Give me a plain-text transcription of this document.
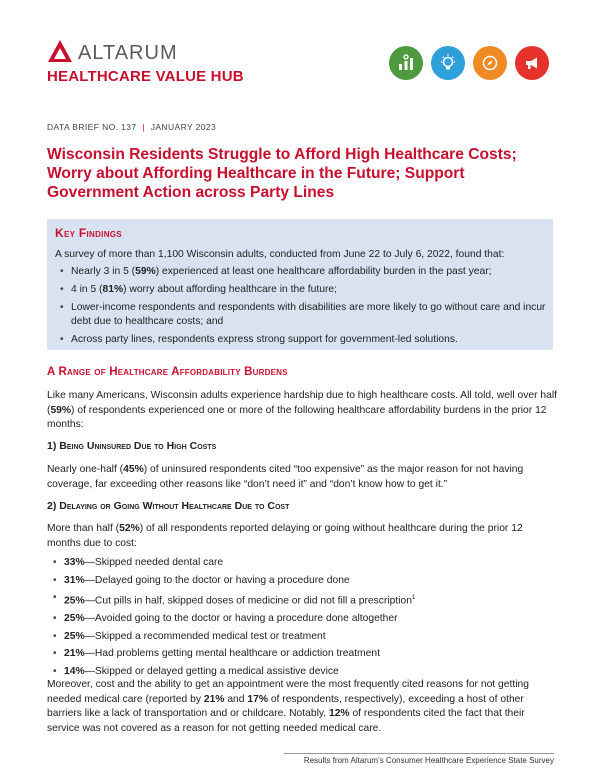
ALTARUM
HEALTHCARE VALUE HUB
DATA BRIEF NO. 137 | JANUARY 2023
Wisconsin Residents Struggle to Afford High Healthcare Costs; Worry about Affording Healthcare in the Future; Support Government Action across Party Lines
Key Findings
A survey of more than 1,100 Wisconsin adults, conducted from June 22 to July 6, 2022, found that:
• Nearly 3 in 5 (59%) experienced at least one healthcare affordability burden in the past year;
• 4 in 5 (81%) worry about affording healthcare in the future;
• Lower-income respondents and respondents with disabilities are more likely to go without care and incur debt due to healthcare costs; and
• Across party lines, respondents express strong support for government-led solutions.
A Range of Healthcare Affordability Burdens

Like many Americans, Wisconsin adults experience hardship due to high healthcare costs. All told, well over half (59%) of respondents experienced one or more of the following healthcare affordability burdens in the prior 12 months:

1) Being Uninsured Due to High Costs

Nearly one-half (45%) of uninsured respondents cited “too expensive” as the major reason for not having coverage, far exceeding other reasons like “don’t need it” and “don’t know how to get it.”

2) Delaying or Going Without Healthcare Due to Cost

More than half (52%) of all respondents reported delaying or going without healthcare during the prior 12 months due to cost:

• 33%—Skipped needed dental care
• 31%—Delayed going to the doctor or having a procedure done
• 25%—Cut pills in half, skipped doses of medicine or did not fill a prescription$^1$
• 25%—Avoided going to the doctor or having a procedure done altogether
• 25%—Skipped a recommended medical test or treatment
• 21%—Had problems getting mental healthcare or addiction treatment
• 14%—Skipped or delayed getting a medical assistive device

Moreover, cost and the ability to get an appointment were the most frequently cited reasons for not getting needed medical care (reported by 21% and 17% of respondents, respectively), exceeding a host of other barriers like a lack of transportation and or childcare. Notably, 12% of respondents cited the fact that their service was not covered as a reason for not getting needed medical care.

Results from Altarum’s Consumer Healthcare Experience State Survey
